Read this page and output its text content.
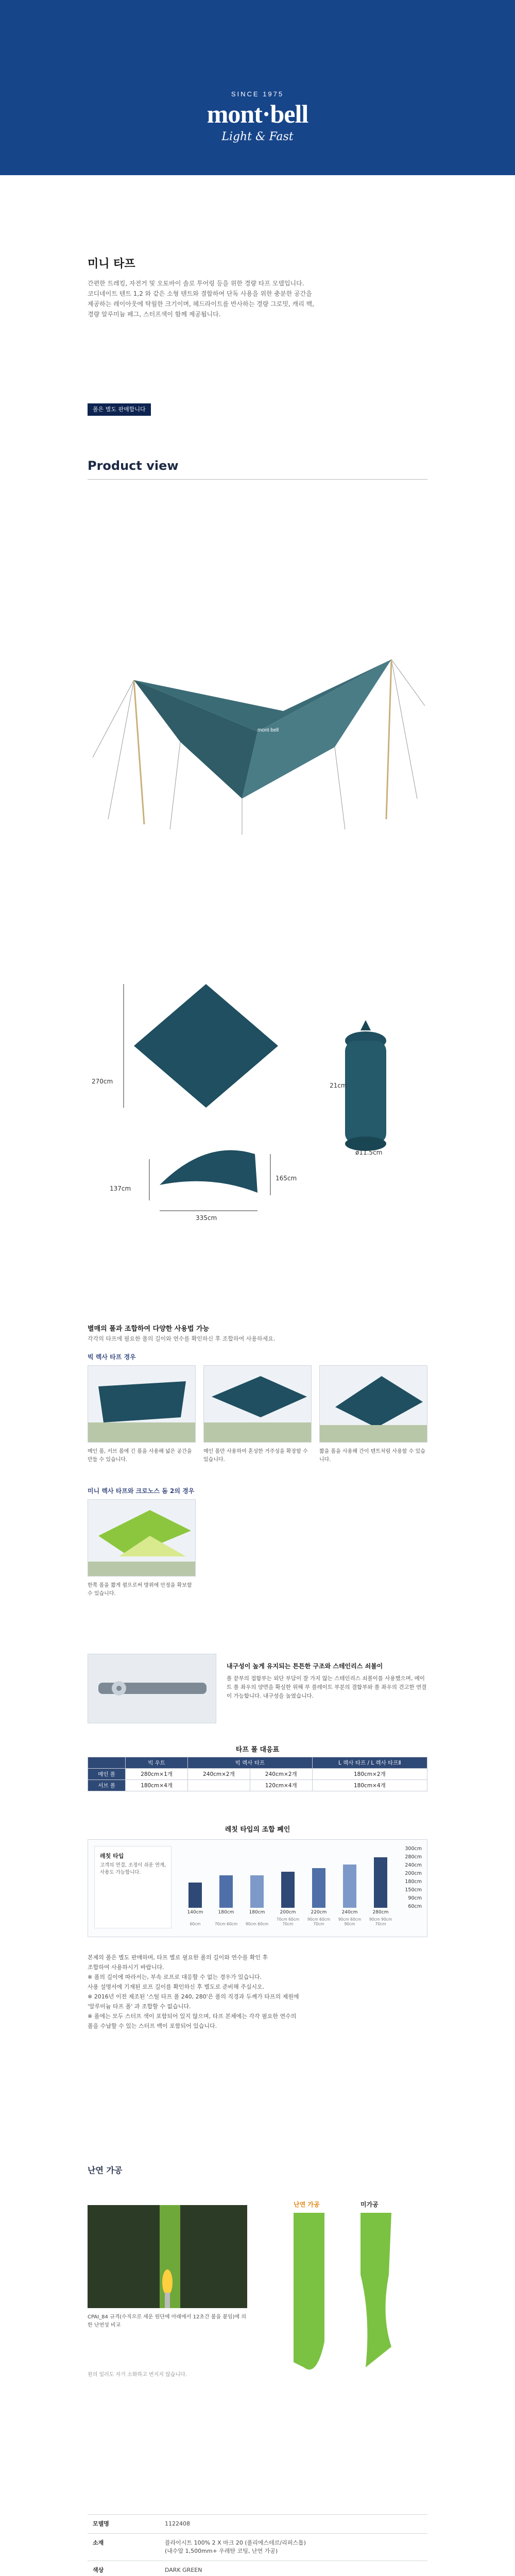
SINCE 1975
mont·bell
Light & Fast
미니 타프

간편한 트레킹, 자전거 및 오토바이 솔로 투어링 등을 위한 경량 타프 모델입니다.

코디네이트 텐트 1,2 와 같은 소형 텐트와 결합하여 단독 사용을 위한 충분한 공간을

제공하는 레이아웃에 탁월한 크기이며, 헤드라이트를 반사하는 경량 그로밋, 캐리 백,

경량 알루미늄 페그, 스터프색이 함께 제공됩니다.

폴은 별도 판매합니다
Product view
mont·bell
270cm
137cm
335cm
165cm
21cm
ø11.5cm
별매의 폴과 조합하여 다양한 사용법 가능
각각의 타프에 필요한 폴의 길이와 연수를 확인하신 후 조합하여 사용하세요.
빅 렉사 타프 경우
메인 폴, 서브 폴에 긴 폴을 사용해 넓은 공간을 만들 수 있습니다.
메인 폴만 사용하여 혼성한 거주성을 확장할 수 있습니다.
짧을 폴을 사용해 간이 텐트처럼 사용할 수 있습니다.
미니 렉사 타프와 크로노스 돔 2의 경우
한쪽 폴을 짧게 펼으로써 방위에 안정을 확보할 수 있습니다.
내구성이 높게 유지되는 튼튼한 구조와 스테인리스 쇠볼이
폴 끝부의 접합부는 외단 부담이 잘 가지 않는 스테인리스 쇠볼이를 사용했으며, 메이트 폴 좌우의 양면을 확실한 위해 부 플레이트 부분의 결합부와 폴 좌우의 견고한 연결이 가능합니다. 내구성을 높였습니다.
타프 폴 대응표
	빅 우트	빅 렉사 타프		L 렉사 타프 / L 렉사 타프Ⅱ
메인 폴	280cm×1개	240cm×2개	240cm×2개	180cm×2개
서브 폴	180cm×4개		120cm×4개	180cm×4개
레칫 타입의 조합 폐인
레칫 타입
고객의 연결, 조정이 쉬운 연계, 사용도 가능합니다.
140cm
60cm
180cm
70cm 60cm
180cm
90cm 60cm
200cm
70cm 60cm 70cm
220cm
90cm 60cm 70cm
240cm
90cm 60cm 90cm
280cm
90cm 90cm 70cm
300cm
280cm
240cm
200cm
180cm
150cm
90cm
60cm

본제의 폴은 별도 판매하며, 타프 별로 필요한 폴의 길이와 연수를 확인 후

조합하여 사용하시기 바랍니다.

※ 폴의 길이에 따라서는, 부속 로프로 대응할 수 없는 경우가 있습니다.

사용 설명서에 기재된 로프 길이를 확인하신 후 별도로 준비해 주십시오.

※ 2016년 이전 제조된 '스틸 타프 폴 240, 280'은 폴의 직경과 두께가 타프의 제원에

'알루미늄 타프 폴' 과 조합할 수 없습니다.

※ 폴에는 모두 스터프 색이 포함되어 있지 않으며, 타프 본체에는 각각 필요한 연수의

폴을 수납할 수 있는 스터프 백이 포함되어 있습니다.

난연 가공
CPAI_84 규격(수직으로 세운 원단에 아래에서 12초간 불을 붙임)에 의한 난연성 비교
원의 일러도 자기 소화하고 번지지 않습니다.
난연 가공	미가공
모델명	1122408
소재	플라이시트 100% 2 X 마크 20 (폴리에스테르/리퍼스톱)
(내수압 1,500mm+ 우레탄 코팅, 난연 가공)
색상	DARK GREEN
